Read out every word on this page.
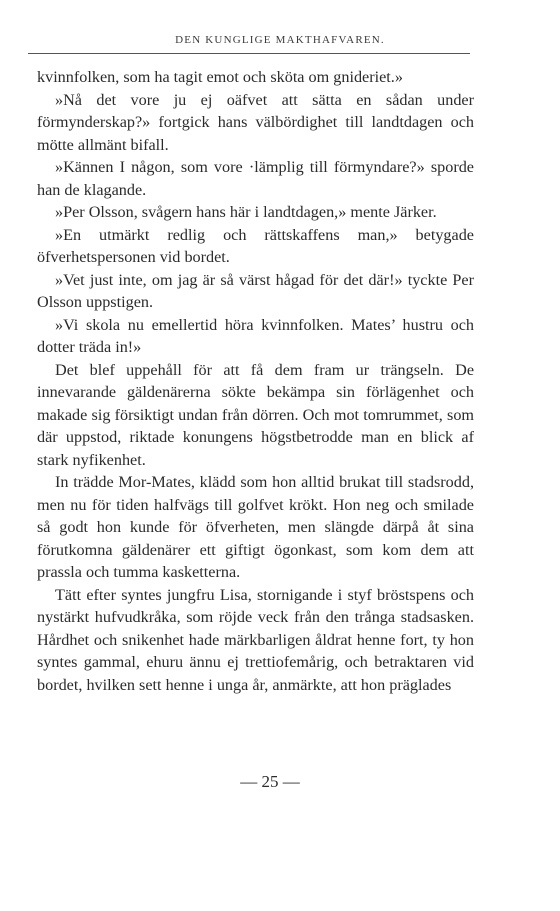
DEN KUNGLIGE MAKTHAFVAREN.

kvinnfolken, som ha tagit emot och sköta om gnideriet.»

»Nå det vore ju ej oäfvet att sätta en sådan under förmynderskap?» fortgick hans välbördighet till landtdagen och mötte allmänt bifall.

»Kännen I någon, som vore ·lämplig till förmyndare?» sporde han de klagande.

»Per Olsson, svågern hans här i landtdagen,» mente Järker.

»En utmärkt redlig och rättskaffens man,» betygade öfverhetspersonen vid bordet.

»Vet just inte, om jag är så värst hågad för det där!» tyckte Per Olsson uppstigen.

»Vi skola nu emellertid höra kvinnfolken. Mates’ hustru och dotter träda in!»

Det blef uppehåll för att få dem fram ur trängseln. De innevarande gäldenärerna sökte bekämpa sin förlägenhet och makade sig försiktigt undan från dörren. Och mot tomrummet, som där uppstod, riktade konungens högstbetrodde man en blick af stark nyfikenhet.

In trädde Mor-Mates, klädd som hon alltid brukat till stadsrodd, men nu för tiden halfvägs till golfvet krökt. Hon neg och smilade så godt hon kunde för öfverheten, men slängde därpå åt sina förutkomna gäldenärer ett giftigt ögonkast, som kom dem att prassla och tumma kasketterna.

Tätt efter syntes jungfru Lisa, stornigande i styf bröstspens och nystärkt hufvudkråka, som röjde veck från den trånga stadsasken. Hårdhet och snikenhet hade märkbarligen åldrat henne fort, ty hon syntes gammal, ehuru ännu ej trettiofemårig, och betraktaren vid bordet, hvilken sett henne i unga år, anmärkte, att hon präglades

— 25 —
